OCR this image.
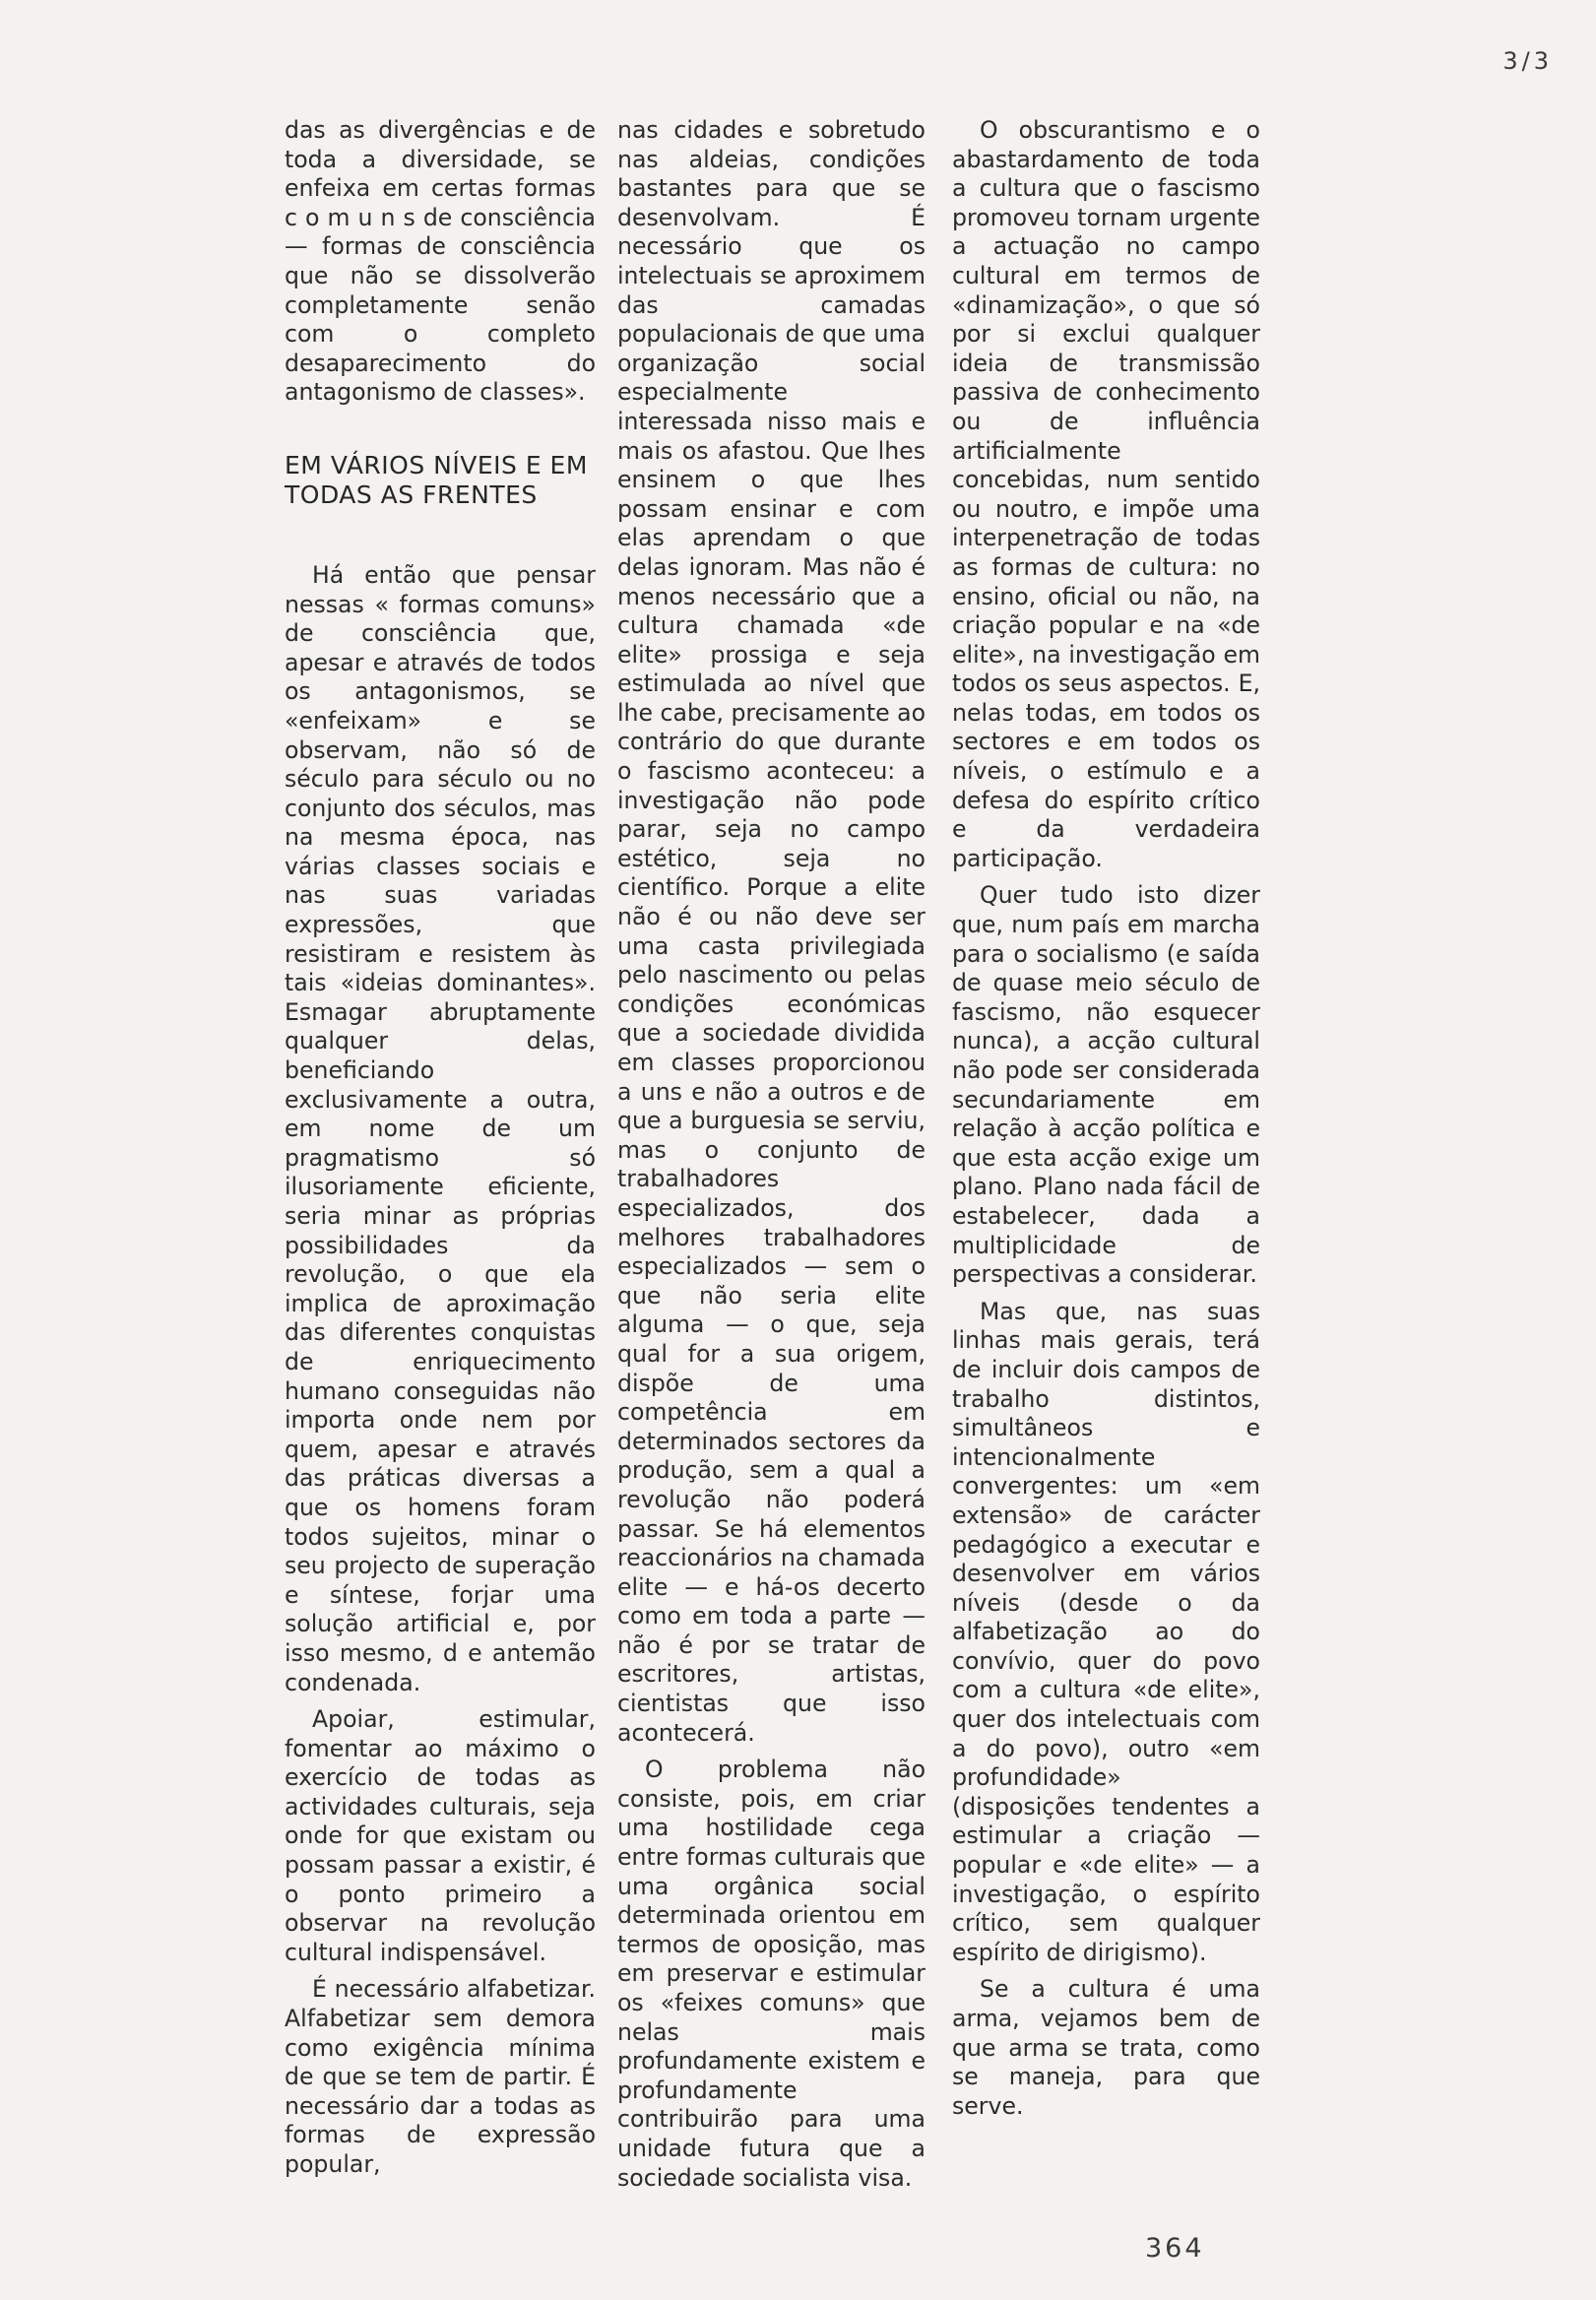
3/3

das as divergências e de toda a diversidade, se enfeixa em certas formas c o m u n s de consciência — formas de consciência que não se dissolverão completamente senão com o completo desaparecimento do antagonismo de classes».

EM VÁRIOS NÍVEIS E EM TODAS AS FRENTES

Há então que pensar nessas « formas comuns» de consciência que, apesar e através de todos os antagonismos, se «enfeixam» e se observam, não só de século para século ou no conjunto dos séculos, mas na mesma época, nas várias classes sociais e nas suas variadas expressões, que resistiram e resistem às tais «ideias dominantes». Esmagar abruptamente qualquer delas, beneficiando exclusivamente a outra, em nome de um pragmatismo só ilusoriamente eficiente, seria minar as próprias possibilidades da revolução, o que ela implica de aproximação das diferentes conquistas de enriquecimento humano conseguidas não importa onde nem por quem, apesar e através das práticas diversas a que os homens foram todos sujeitos, minar o seu projecto de superação e síntese, forjar uma solução artificial e, por isso mesmo, d e antemão condenada.

Apoiar, estimular, fomentar ao máximo o exercício de todas as actividades culturais, seja onde for que existam ou possam passar a existir, é o ponto primeiro a observar na revolução cultural indispensável.

É necessário alfabetizar. Alfabetizar sem demora como exigência mínima de que se tem de partir. É necessário dar a todas as formas de expressão popular,

nas cidades e sobretudo nas aldeias, condições bastantes para que se desenvolvam. É necessário que os intelectuais se aproximem das camadas populacionais de que uma organização social especialmente interessada nisso mais e mais os afastou. Que lhes ensinem o que lhes possam ensinar e com elas aprendam o que delas ignoram. Mas não é menos necessário que a cultura chamada «de elite» prossiga e seja estimulada ao nível que lhe cabe, precisamente ao contrário do que durante o fascismo aconteceu: a investigação não pode parar, seja no campo estético, seja no científico. Porque a elite não é ou não deve ser uma casta privilegiada pelo nascimento ou pelas condições económicas que a sociedade dividida em classes proporcionou a uns e não a outros e de que a burguesia se serviu, mas o conjunto de trabalhadores especializados, dos melhores trabalhadores especializados — sem o que não seria elite alguma — o que, seja qual for a sua origem, dispõe de uma competência em determinados sectores da produção, sem a qual a revolução não poderá passar. Se há elementos reaccionários na chamada elite — e há-os decerto como em toda a parte — não é por se tratar de escritores, artistas, cientistas que isso acontecerá.

O problema não consiste, pois, em criar uma hostilidade cega entre formas culturais que uma orgânica social determinada orientou em termos de oposição, mas em preservar e estimular os «feixes comuns» que nelas mais profundamente existem e profundamente contribuirão para uma unidade futura que a sociedade socialista visa.

O obscurantismo e o abastardamento de toda a cultura que o fascismo promoveu tornam urgente a actuação no campo cultural em termos de «dinamização», o que só por si exclui qualquer ideia de transmissão passiva de conhecimento ou de influência artificialmente concebidas, num sentido ou noutro, e impõe uma interpenetração de todas as formas de cultura: no ensino, oficial ou não, na criação popular e na «de elite», na investigação em todos os seus aspectos. E, nelas todas, em todos os sectores e em todos os níveis, o estímulo e a defesa do espírito crítico e da verdadeira participação.

Quer tudo isto dizer que, num país em marcha para o socialismo (e saída de quase meio século de fascismo, não esquecer nunca), a acção cultural não pode ser considerada secundariamente em relação à acção política e que esta acção exige um plano. Plano nada fácil de estabelecer, dada a multiplicidade de perspectivas a considerar.

Mas que, nas suas linhas mais gerais, terá de incluir dois campos de trabalho distintos, simultâneos e intencionalmente convergentes: um «em extensão» de carácter pedagógico a executar e desenvolver em vários níveis (desde o da alfabetização ao do convívio, quer do povo com a cultura «de elite», quer dos intelectuais com a do povo), outro «em profundidade» (disposições tendentes a estimular a criação — popular e «de elite» — a investigação, o espírito crítico, sem qualquer espírito de dirigismo).

Se a cultura é uma arma, vejamos bem de que arma se trata, como se maneja, para que serve.

364
